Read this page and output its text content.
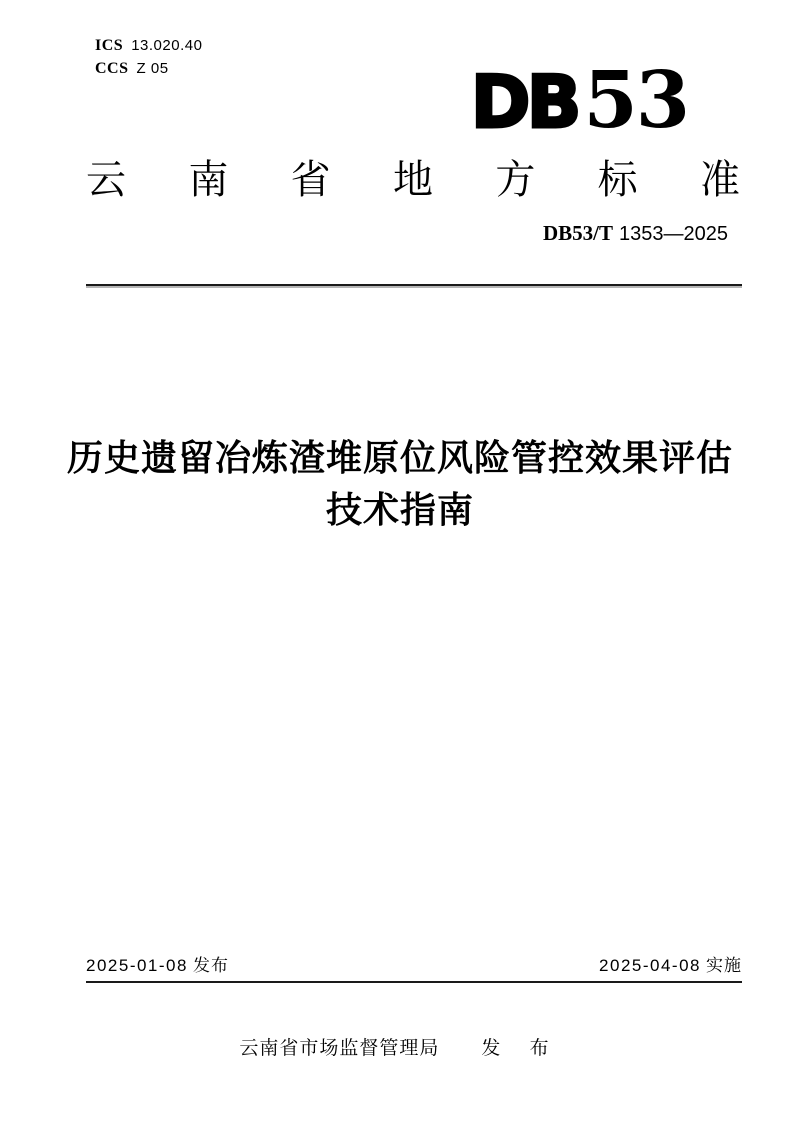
ICS 13.020.40
CCS Z 05	DB53
云南省地方标准
DB53/T 1353—2025
历史遗留冶炼渣堆原位风险管控效果评估
技术指南
2025-01-08 发布	2025-04-08 实施
云南省市场监督管理局 发 布
